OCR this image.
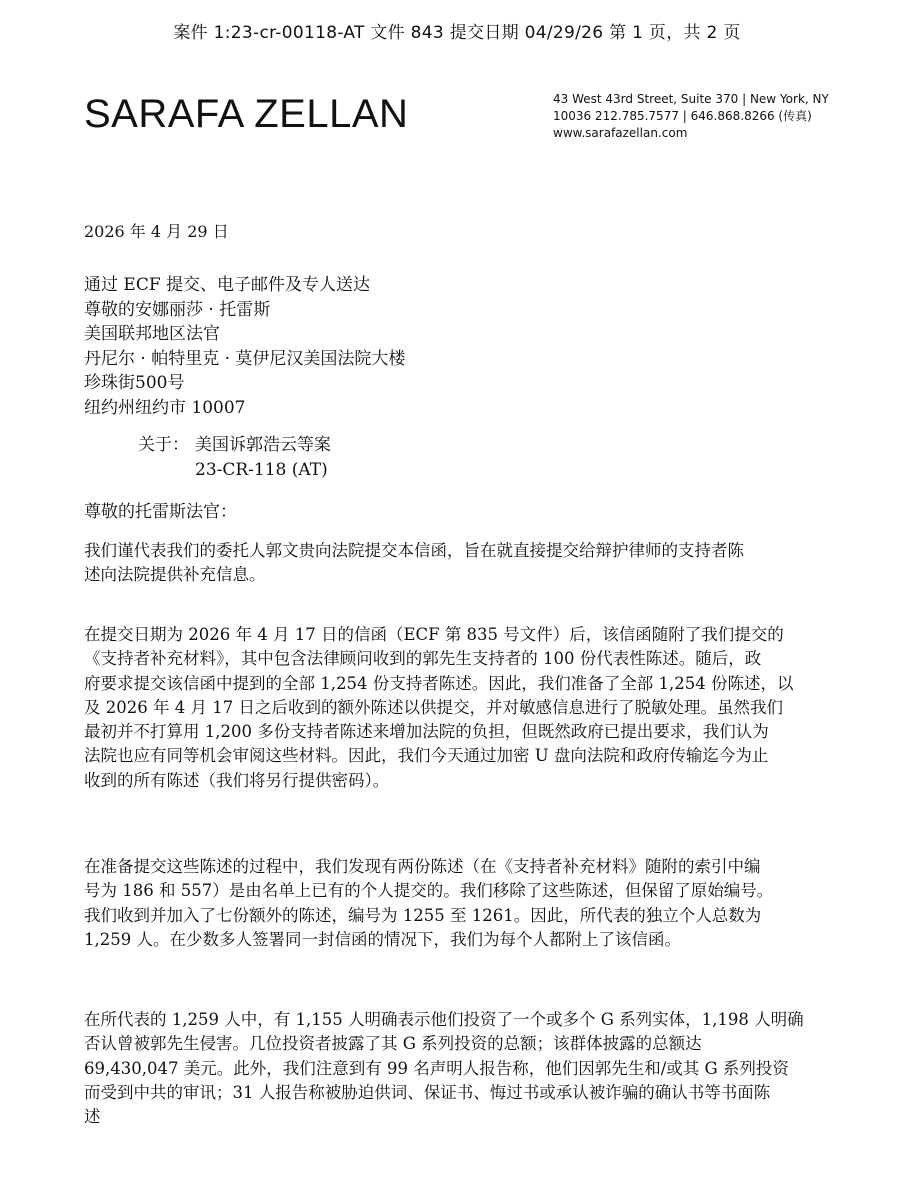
案件 1:23-cr-00118-AT 文件 843 提交日期 04/29/26 第 1 页，共 2 页
SARAFA ZELLAN	43 West 43rd Street, Suite 370 | New York, NY
10036 212.785.7577 | 646.868.8266 (传真)
www.sarafazellan.com
2026 年 4 月 29 日
通过 ECF 提交、电子邮件及专人送达
尊敬的安娜丽莎 · 托雷斯
美国联邦地区法官
丹尼尔 · 帕特里克 · 莫伊尼汉美国法院大楼
珍珠街500号
纽约州纽约市 10007
关于： 美国诉郭浩云等案
23-CR-118 (AT)
尊敬的托雷斯法官：
我们谨代表我们的委托人郭文贵向法院提交本信函，旨在就直接提交给辩护律师的支持者陈
述向法院提供补充信息。
在提交日期为 2026 年 4 月 17 日的信函（ECF 第 835 号文件）后，该信函随附了我们提交的
《支持者补充材料》，其中包含法律顾问收到的郭先生支持者的 100 份代表性陈述。随后，政
府要求提交该信函中提到的全部 1,254 份支持者陈述。因此，我们准备了全部 1,254 份陈述，以
及 2026 年 4 月 17 日之后收到的额外陈述以供提交，并对敏感信息进行了脱敏处理。虽然我们
最初并不打算用 1,200 多份支持者陈述来增加法院的负担，但既然政府已提出要求，我们认为
法院也应有同等机会审阅这些材料。因此，我们今天通过加密 U 盘向法院和政府传输迄今为止
收到的所有陈述（我们将另行提供密码）。
在准备提交这些陈述的过程中，我们发现有两份陈述（在《支持者补充材料》随附的索引中编
号为 186 和 557）是由名单上已有的个人提交的。我们移除了这些陈述，但保留了原始编号。
我们收到并加入了七份额外的陈述，编号为 1255 至 1261。因此，所代表的独立个人总数为
1,259 人。在少数多人签署同一封信函的情况下，我们为每个人都附上了该信函。
在所代表的 1,259 人中，有 1,155 人明确表示他们投资了一个或多个 G 系列实体，1,198 人明确
否认曾被郭先生侵害。几位投资者披露了其 G 系列投资的总额；该群体披露的总额达
69,430,047 美元。此外，我们注意到有 99 名声明人报告称，他们因郭先生和/或其 G 系列投资
而受到中共的审讯；31 人报告称被胁迫供词、保证书、悔过书或承认被诈骗的确认书等书面陈
述
